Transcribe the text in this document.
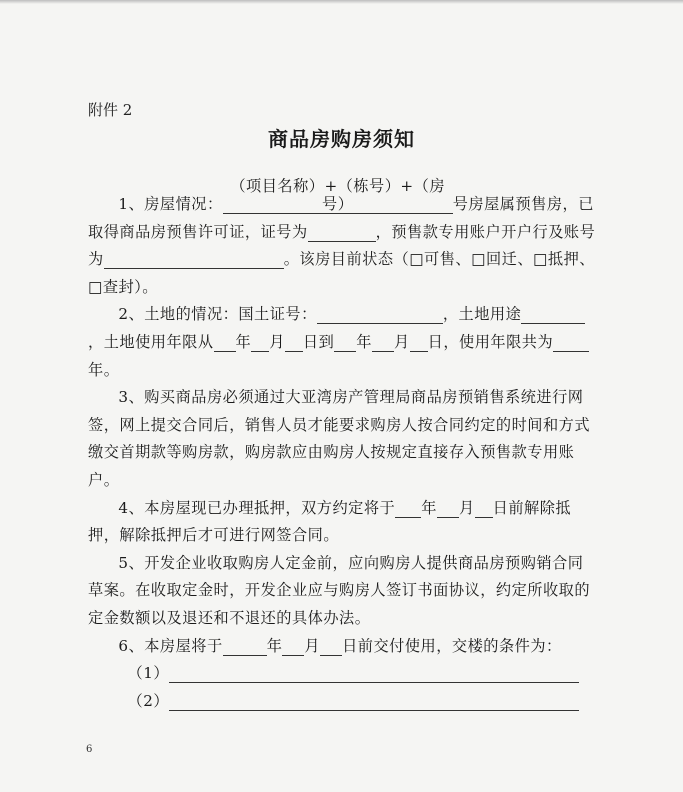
附件 2
商品房购房须知

1、房屋情况：（项目名称）+（栋号）+（房号）	号房屋属预售房，已取得商品房预售许可证，证号为	，预售款专用账户开户行及账号为	。该房目前状态（□可售、□回迁、□抵押、□查封）。

2、土地的情况：国土证号：	，土地用途 ，土地使用年限从 年 月 日到 年 月 日，使用年限共为 年。

3、购买商品房必须通过大亚湾房产管理局商品房预销售系统进行网签，网上提交合同后，销售人员才能要求购房人按合同约定的时间和方式缴交首期款等购房款，购房款应由购房人按规定直接存入预售款专用账户。

4、本房屋现已办理抵押，双方约定将于 年 月 日前解除抵押，解除抵押后才可进行网签合同。

5、开发企业收取购房人定金前，应向购房人提供商品房预购销合同草案。在收取定金时，开发企业应与购房人签订书面协议，约定所收取的定金数额以及退还和不退还的具体办法。

6、本房屋将于	年 月 日前交付使用，交楼的条件为：

（1）

（2）

6
